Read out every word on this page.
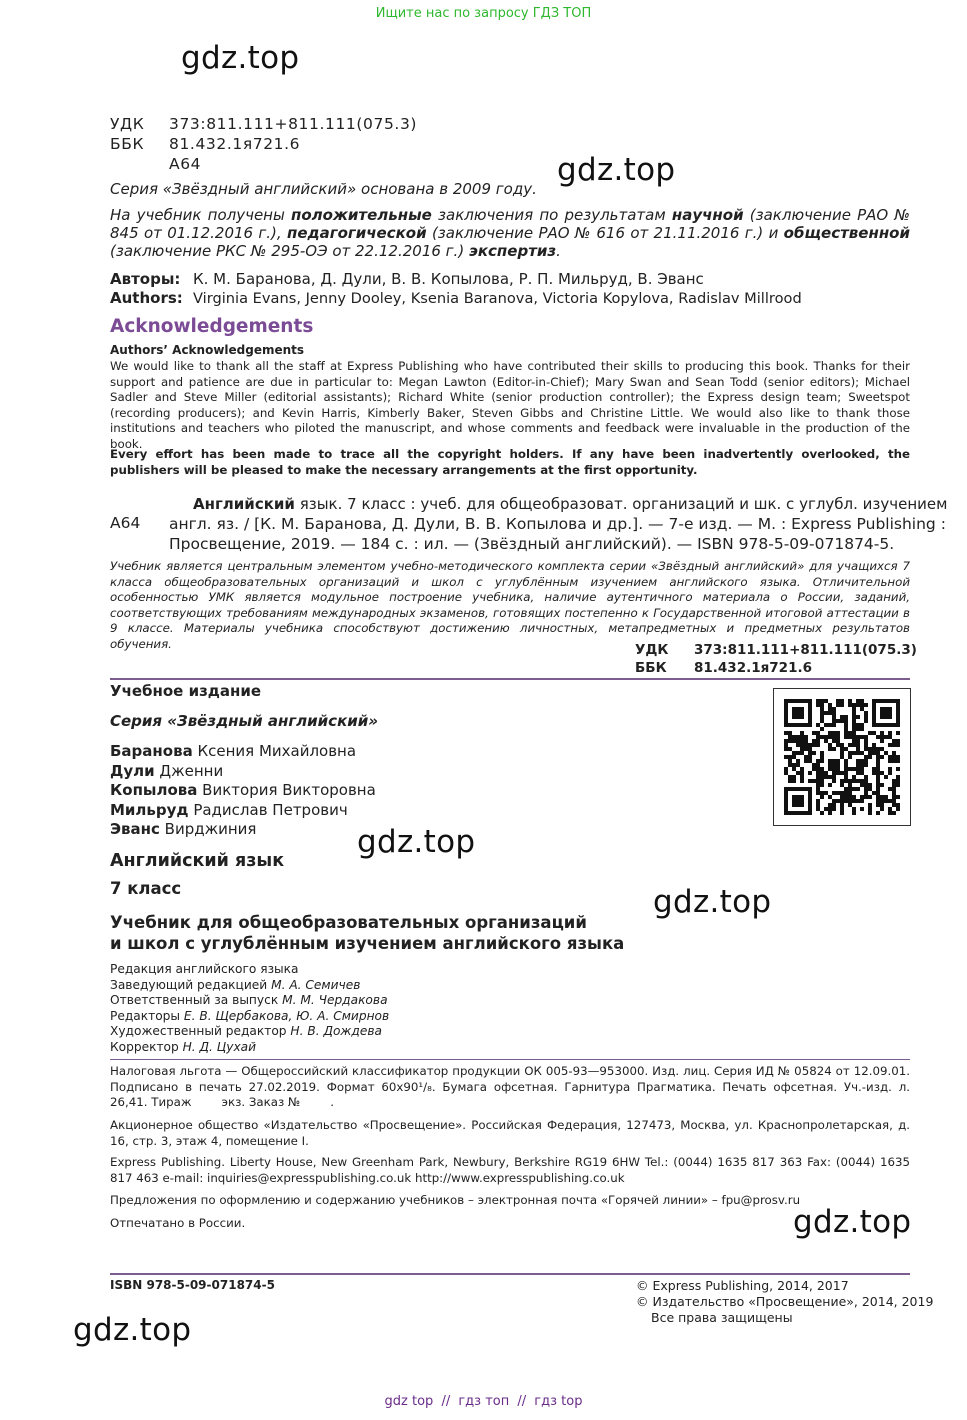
Ищите нас по запросу ГДЗ ТОП
gdz.top
gdz.top
gdz.top
gdz.top
gdz.top
gdz.top
УДК 373:811.111+811.111(075.3)
ББК 81.432.1я721.6
А64
Серия «Звёздный английский» основана в 2009 году.
На учебник получены положительные заключения по результатам научной (заключение РАО № 845 от 01.12.2016 г.), педагогической (заключение РАО № 616 от 21.11.2016 г.) и общественной (заключение РКС № 295-ОЭ от 22.12.2016 г.) экспертиз.
Авторы: К. М. Баранова, Д. Дули, В. В. Копылова, Р. П. Мильруд, В. Эванс
Authors: Virginia Evans, Jenny Dooley, Ksenia Baranova, Victoria Kopylova, Radislav Millrood
Acknowledgements
Authors’ Acknowledgements
We would like to thank all the staff at Express Publishing who have contributed their skills to producing this book. Thanks for their support and patience are due in particular to: Megan Lawton (Editor-in-Chief); Mary Swan and Sean Todd (senior editors); Michael Sadler and Steve Miller (editorial assistants); Richard White (senior production controller); the Express design team; Sweetspot (recording producers); and Kevin Harris, Kimberly Baker, Steven Gibbs and Christine Little. We would also like to thank those institutions and teachers who piloted the manuscript, and whose comments and feedback were invaluable in the production of the book.
Every effort has been made to trace all the copyright holders. If any have been inadvertently overlooked, the publishers will be pleased to make the necessary arrangements at the first opportunity.
А64
Английский язык. 7 класс : учеб. для общеобразоват. организаций и шк. с углубл. изучением
англ. яз. / [К. М. Баранова, Д. Дули, В. В. Копылова и др.]. — 7-е изд. — М. : Express Publishing :
Просвещение, 2019. — 184 с. : ил. — (Звёздный английский). — ISBN 978-5-09-071874-5.
Учебник является центральным элементом учебно-методического комплекта серии «Звёздный английский» для учащихся 7 класса общеобразовательных организаций и школ с углублённым изучением английского языка. Отличительной особенностью УМК является модульное построение учебника, наличие аутентичного материала о России, заданий, соответствующих требованиям международных экзаменов, готовящих постепенно к Государственной итоговой аттестации в 9 классе. Материалы учебника способствуют достижению личностных, метапредметных и предметных результатов обучения.	УДК 373:811.111+811.111(075.3)
ББК 81.432.1я721.6
Учебное издание
Серия «Звёздный английский»
Баранова Ксения Михайловна
Дули Дженни
Копылова Виктория Викторовна
Мильруд Радислав Петрович
Эванс Вирджиния
Английский язык
7 класс
Учебник для общеобразовательных организаций
и школ с углублённым изучением английского языка
Редакция английского языка
Заведующий редакцией М. А. Семичев
Ответственный за выпуск М. М. Чердакова
Редакторы Е. В. Щербакова, Ю. А. Смирнов
Художественный редактор Н. В. Дождева
Корректор Н. Д. Цухай
Налоговая льгота — Общероссийский классификатор продукции ОК 005-93—953000. Изд. лиц. Серия ИД № 05824 от 12.09.01. Подписано в печать 27.02.2019. Формат 60х90¹/₈. Бумага офсетная. Гарнитура Прагматика. Печать офсетная. Уч.-изд. л. 26,41. Тираж        экз. Заказ №        .
Акционерное общество «Издательство «Просвещение». Российская Федерация, 127473, Москва, ул. Краснопролетарская, д. 16, стр. 3, этаж 4, помещение I.
Express Publishing. Liberty House, New Greenham Park, Newbury, Berkshire RG19 6HW Tel.: (0044) 1635 817 363 Fax: (0044) 1635 817 463 e-mail: inquiries@expresspublishing.co.uk http://www.expresspublishing.co.uk
Предложения по оформлению и содержанию учебников – электронная почта «Горячей линии» – fpu@prosv.ru
Отпечатано в России.
ISBN 978-5-09-071874-5	© Express Publishing, 2014, 2017
© Издательство «Просвещение», 2014, 2019
Все права защищены
gdz top // гдз топ // гдз top
